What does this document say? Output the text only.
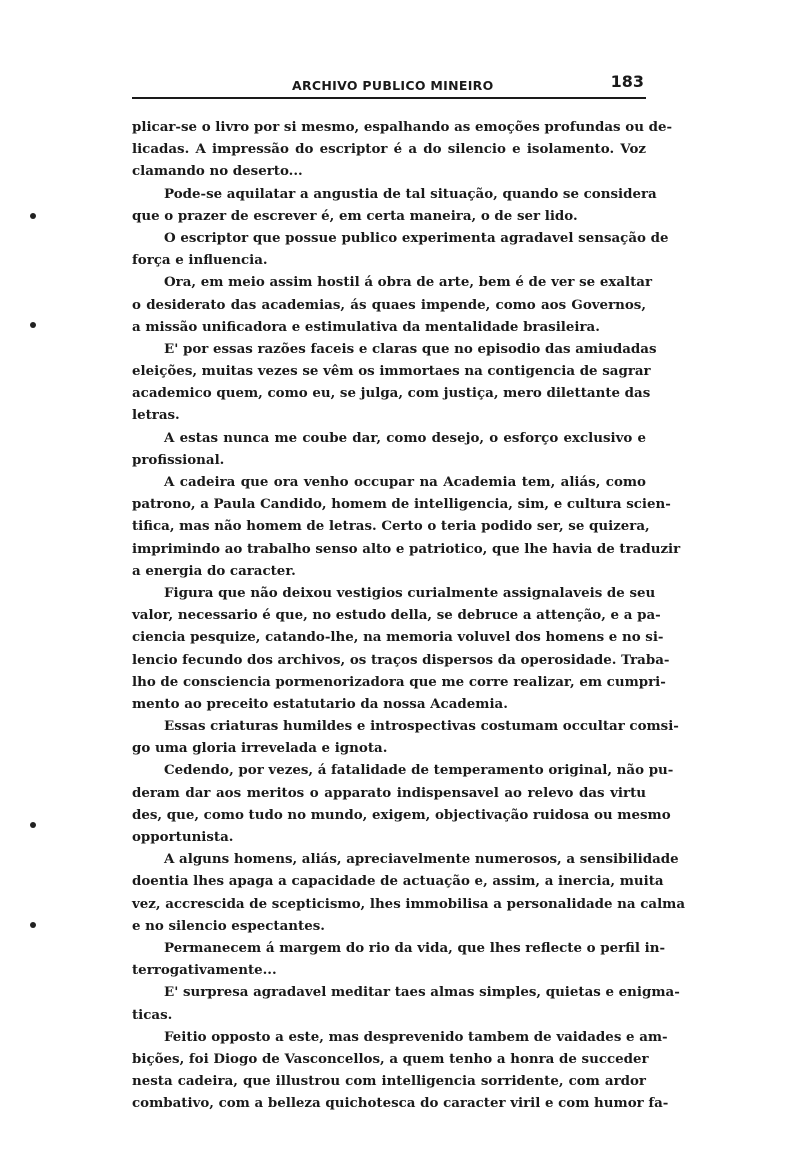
ARCHIVO PUBLICO MINEIRO	183
plicar-se o livro por si mesmo, espalhando as emoções profundas ou de-
licadas. A impressão do escriptor é a do silencio e isolamento. Voz
clamando no deserto...
Pode-se aquilatar a angustia de tal situação, quando se considera
que o prazer de escrever é, em certa maneira, o de ser lido.
O escriptor que possue publico experimenta agradavel sensação de
força e influencia.
Ora, em meio assim hostil á obra de arte, bem é de ver se exaltar
o desiderato das academias, ás quaes impende, como aos Governos,
a missão unificadora e estimulativa da mentalidade brasileira.
E' por essas razões faceis e claras que no episodio das amiudadas
eleições, muitas vezes se vêm os immortaes na contigencia de sagrar
academico quem, como eu, se julga, com justiça, mero dilettante das
letras.
A estas nunca me coube dar, como desejo, o esforço exclusivo e
profissional.
A cadeira que ora venho occupar na Academia tem, aliás, como
patrono, a Paula Candido, homem de intelligencia, sim, e cultura scien-
tifica, mas não homem de letras. Certo o teria podido ser, se quizera,
imprimindo ao trabalho senso alto e patriotico, que lhe havia de traduzir
a energia do caracter.
Figura que não deixou vestigios curialmente assignalaveis de seu
valor, necessario é que, no estudo della, se debruce a attenção, e a pa-
ciencia pesquize, catando-lhe, na memoria voluvel dos homens e no si-
lencio fecundo dos archivos, os traços dispersos da operosidade. Traba-
lho de consciencia pormenorizadora que me corre realizar, em cumpri-
mento ao preceito estatutario da nossa Academia.
Essas criaturas humildes e introspectivas costumam occultar comsi-
go uma gloria irrevelada e ignota.
Cedendo, por vezes, á fatalidade de temperamento original, não pu-
deram dar aos meritos o apparato indispensavel ao relevo das virtu
des, que, como tudo no mundo, exigem, objectivação ruidosa ou mesmo
opportunista.
A alguns homens, aliás, apreciavelmente numerosos, a sensibilidade
doentia lhes apaga a capacidade de actuação e, assim, a inercia, muita
vez, accrescida de scepticismo, lhes immobilisa a personalidade na calma
e no silencio espectantes.
Permanecem á margem do rio da vida, que lhes reflecte o perfil in-
terrogativamente...
E' surpresa agradavel meditar taes almas simples, quietas e enigma-
ticas.
Feitio opposto a este, mas desprevenido tambem de vaidades e am-
bições, foi Diogo de Vasconcellos, a quem tenho a honra de succeder
nesta cadeira, que illustrou com intelligencia sorridente, com ardor
combativo, com a belleza quichotesca do caracter viril e com humor fa-
